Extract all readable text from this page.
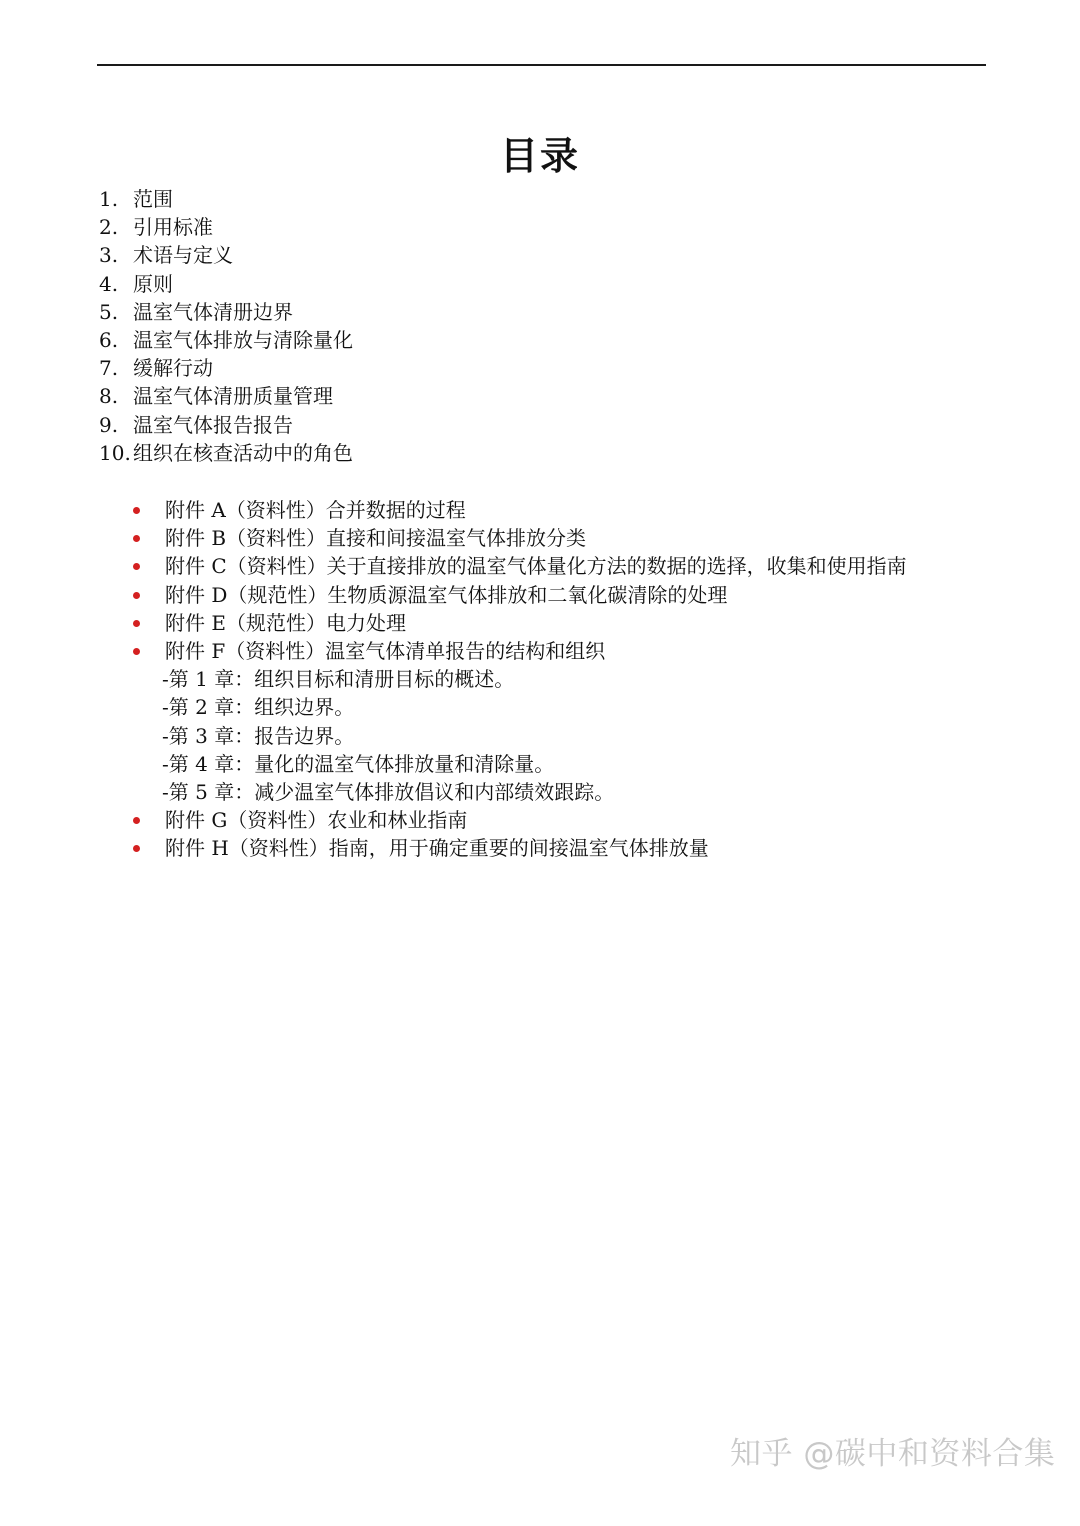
目录
1. 范围
2. 引用标准
3. 术语与定义
4. 原则
5. 温室气体清册边界
6. 温室气体排放与清除量化
7. 缓解行动
8. 温室气体清册质量管理
9. 温室气体报告报告
10. 组织在核查活动中的角色
附件 A（资料性）合并数据的过程
附件 B（资料性）直接和间接温室气体排放分类
附件 C（资料性）关于直接排放的温室气体量化方法的数据的选择，收集和使用指南
附件 D（规范性）生物质源温室气体排放和二氧化碳清除的处理
附件 E（规范性）电力处理
附件 F（资料性）温室气体清单报告的结构和组织
-第 1 章：组织目标和清册目标的概述。
-第 2 章：组织边界。
-第 3 章：报告边界。
-第 4 章：量化的温室气体排放量和清除量。
-第 5 章：减少温室气体排放倡议和内部绩效跟踪。
附件 G（资料性）农业和林业指南
附件 H（资料性）指南，用于确定重要的间接温室气体排放量
知乎 @碳中和资料合集
